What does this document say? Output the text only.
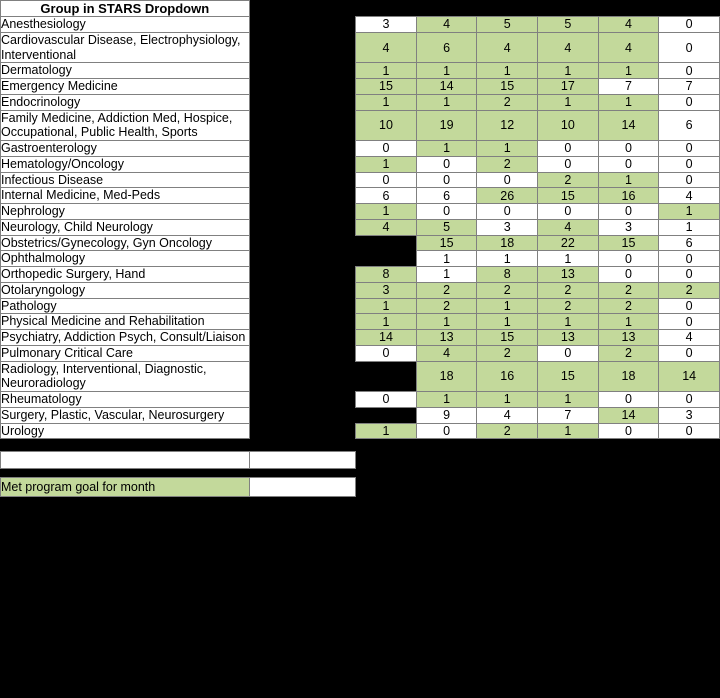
Group in STARS Dropdown							
Anesthesiology		3	4	5	5	4	0
Cardiovascular Disease, Electrophysiology, Interventional		4	6	4	4	4	0
Dermatology		1	1	1	1	1	0
Emergency Medicine		15	14	15	17	7	7
Endocrinology		1	1	2	1	1	0
Family Medicine, Addiction Med, Hospice, Occupational, Public Health, Sports		10	19	12	10	14	6
Gastroenterology		0	1	1	0	0	0
Hematology/Oncology		1	0	2	0	0	0
Infectious Disease		0	0	0	2	1	0
Internal Medicine, Med-Peds		6	6	26	15	16	4
Nephrology		1	0	0	0	0	1
Neurology, Child Neurology		4	5	3	4	3	1
Obstetrics/Gynecology, Gyn Oncology			15	18	22	15	6
Ophthalmology			1	1	1	0	0
Orthopedic Surgery, Hand		8	1	8	13	0	0
Otolaryngology		3	2	2	2	2	2
Pathology		1	2	1	2	2	0
Physical Medicine and Rehabilitation		1	1	1	1	1	0
Psychiatry, Addiction Psych, Consult/Liaison		14	13	15	13	13	4
Pulmonary Critical Care		0	4	2	0	2	0
Radiology, Interventional, Diagnostic, Neuroradiology			18	16	15	18	14
Rheumatology		0	1	1	1	0	0
Surgery, Plastic, Vascular, Neurosurgery			9	4	7	14	3
Urology		1	0	2	1	0	0

Met program goal for month							
